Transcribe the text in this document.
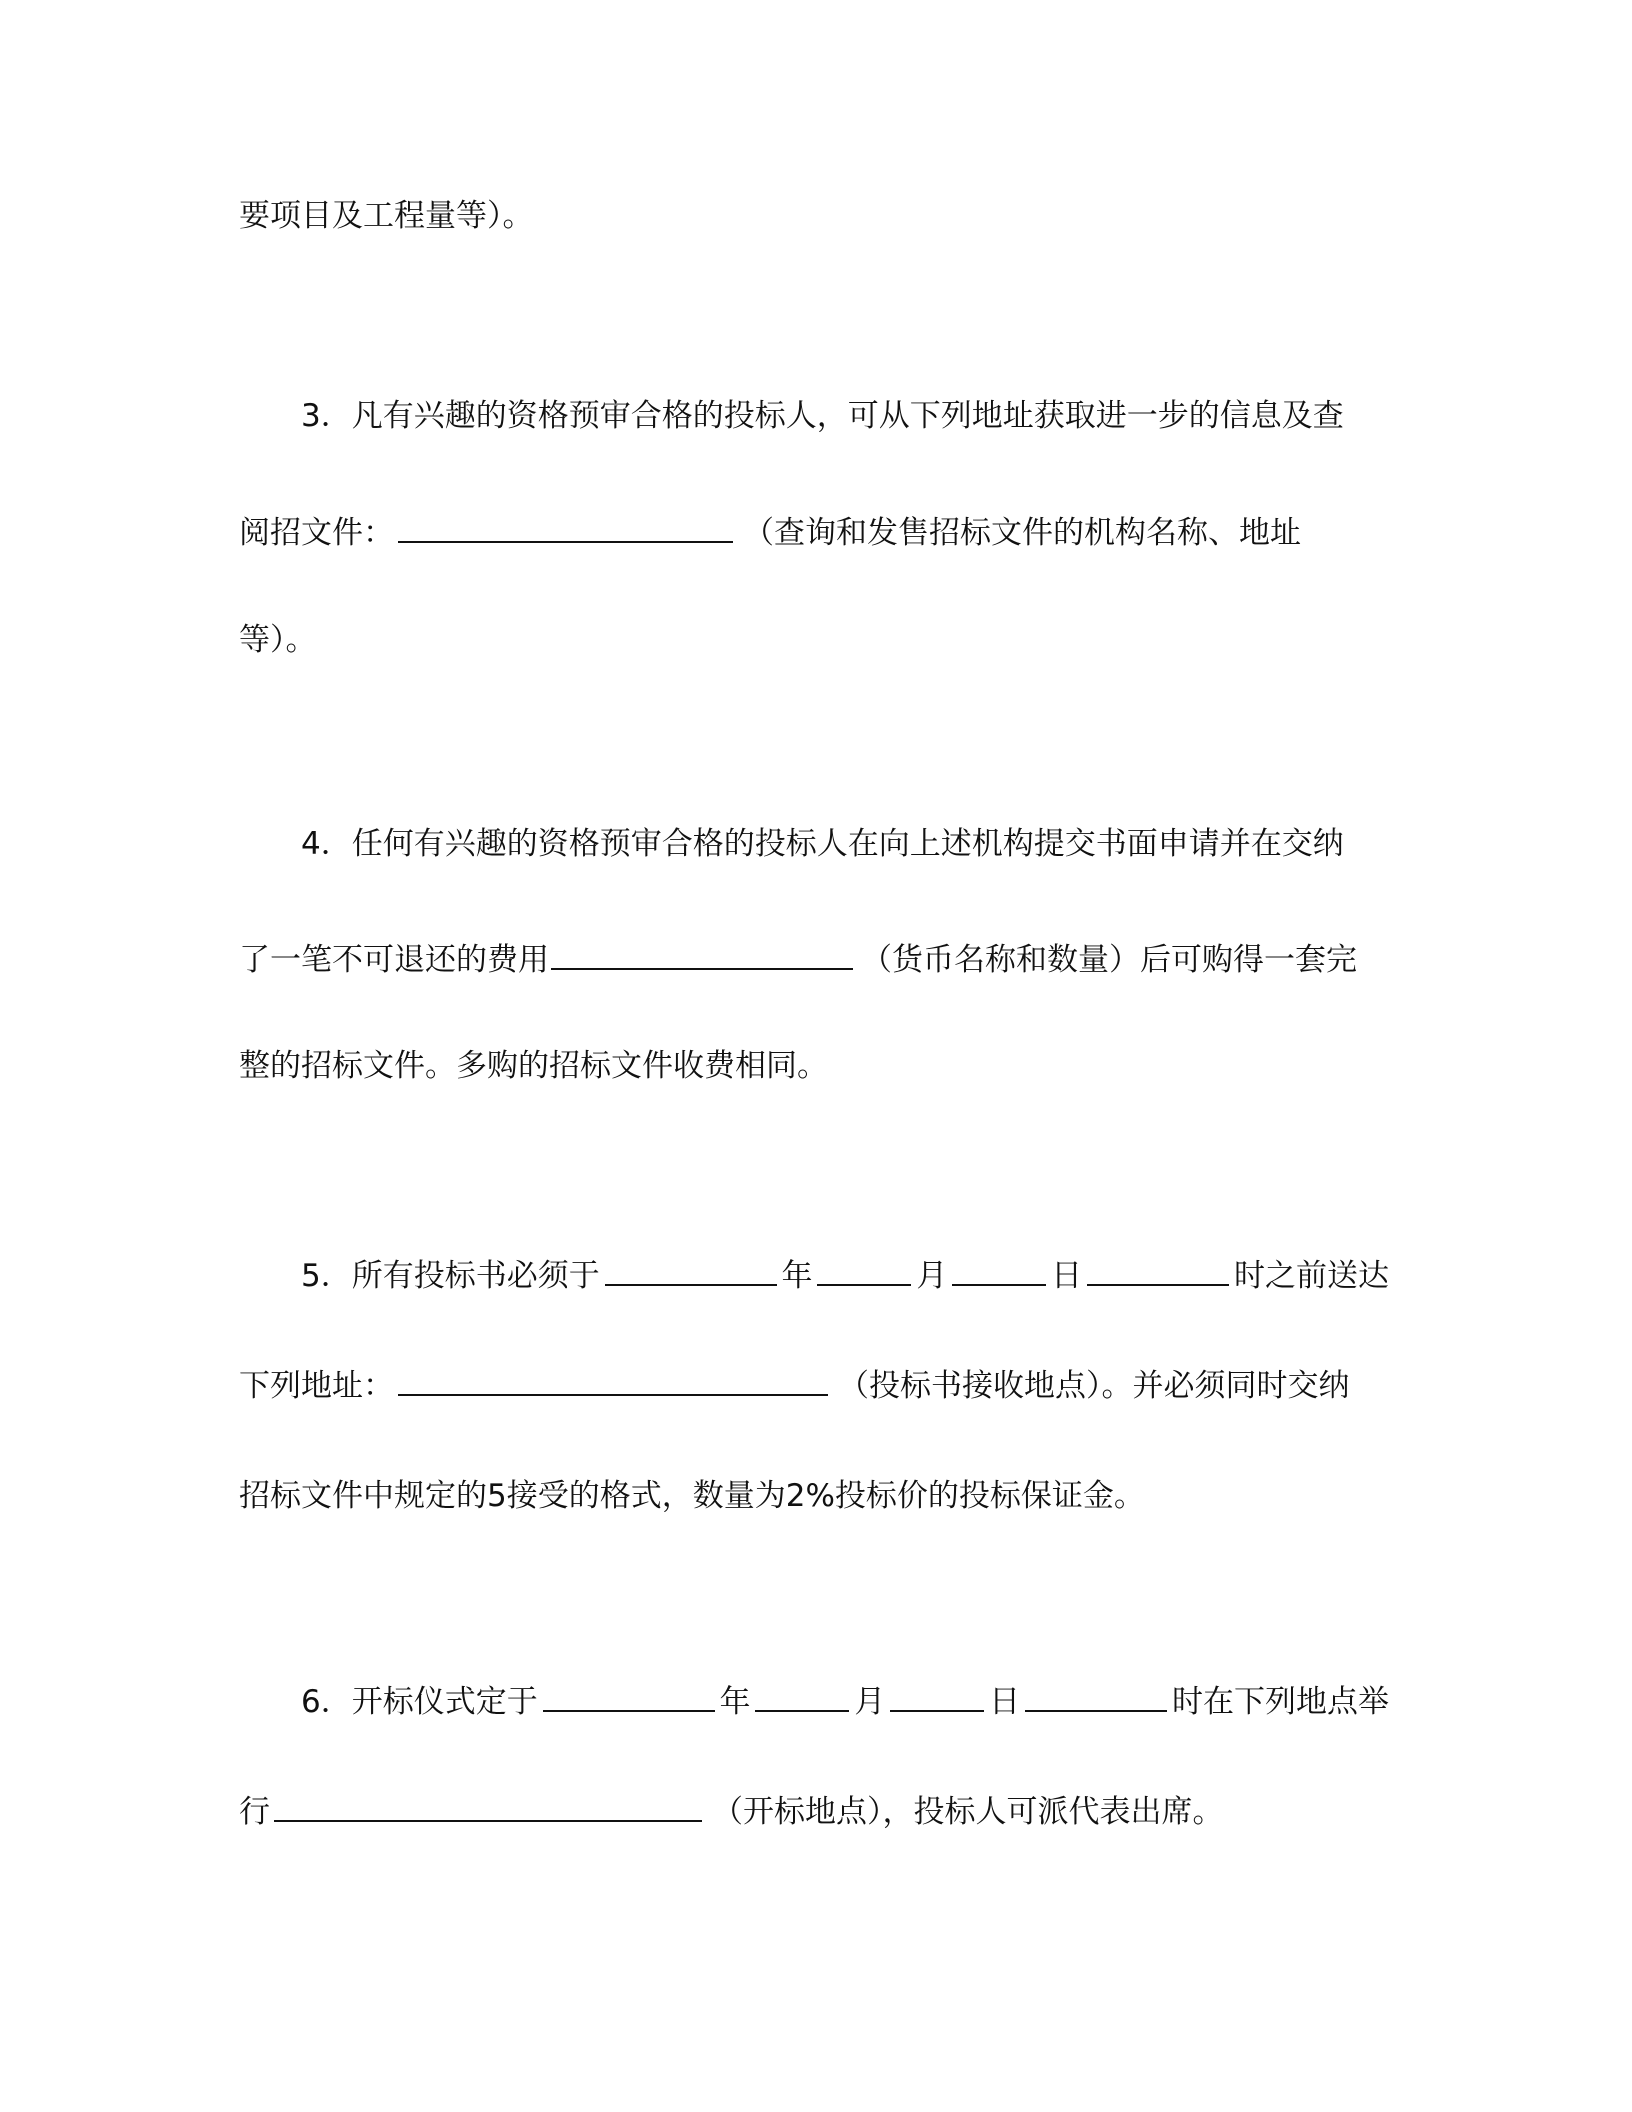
要项目及工程量等）。
3．凡有兴趣的资格预审合格的投标人，可从下列地址获取进一步的信息及查
阅招文件：	（查询和发售招标文件的机构名称、地址
等）。
4．任何有兴趣的资格预审合格的投标人在向上述机构提交书面申请并在交纳
了一笔不可退还的费用	（货币名称和数量）后可购得一套完
整的招标文件。多购的招标文件收费相同。
5．所有投标书必须于	年	月	日	时之前送达
下列地址：	（投标书接收地点）。并必须同时交纳
招标文件中规定的5接受的格式，数量为2%投标价的投标保证金。
6．开标仪式定于	年	月	日	时在下列地点举
行	（开标地点），投标人可派代表出席。
